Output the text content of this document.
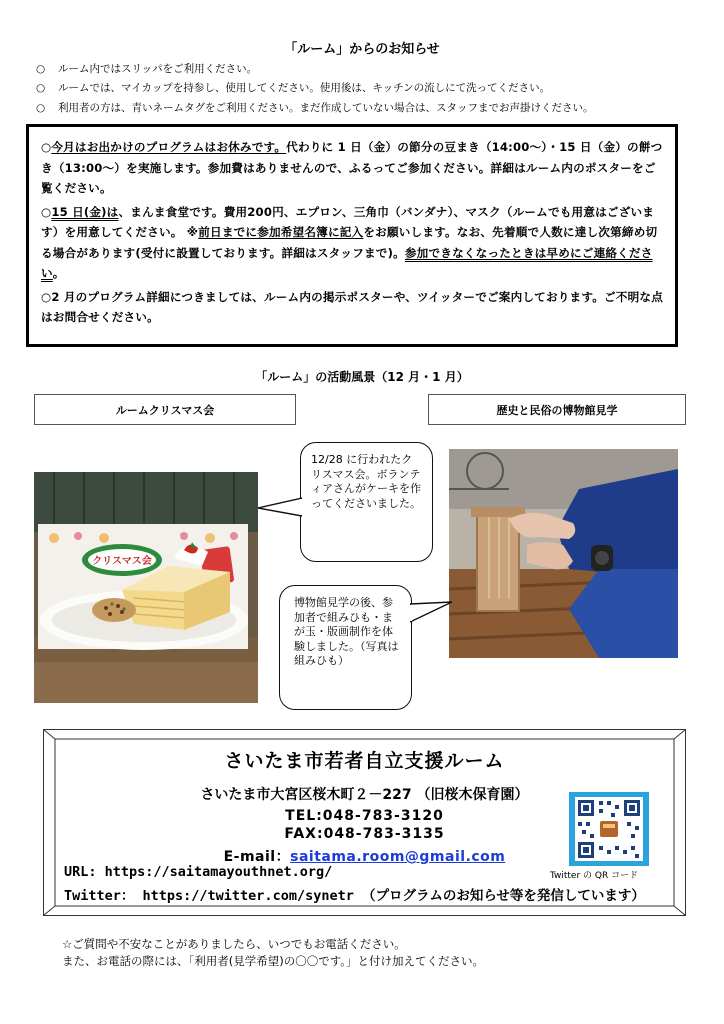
「ルーム」からのお知らせ
○ ルーム内ではスリッパをご利用ください。
○ ルームでは、マイカップを持参し、使用してください。使用後は、キッチンの流しにて洗ってください。
○ 利用者の方は、青いネームタグをご利用ください。まだ作成していない場合は、スタッフまでお声掛けください。

○今月はお出かけのプログラムはお休みです。代わりに 1 日（金）の節分の豆まき（14:00～）・15 日（金）の餅つき（13:00～）を実施します。参加費はありませんので、ふるってご参加ください。詳細はルーム内のポスターをご覧ください。

○15 日(金)は、まんま食堂です。費用200円、エプロン、三角巾（バンダナ）、マスク（ルームでも用意はございます）を用意してください。 ※前日までに参加希望名簿に記入をお願いします。なお、先着順で人数に達し次第締め切る場合があります(受付に設置しております。詳細はスタッフまで)。参加できなくなったときは早めにご連絡ください。

○2 月のプログラム詳細につきましては、ルーム内の掲示ポスターや、ツイッターでご案内しております。ご不明な点はお問合せください。

「ルーム」の活動風景（12 月・1 月）
ルームクリスマス会	歴史と民俗の博物館見学
クリスマス会
12/28 に行われたクリスマス会。ボランティアさんがケーキを作ってくださいました。
博物館見学の後、参加者で組みひも・まが玉・版画制作を体験しました。（写真は組みひも）
さいたま市若者自立支援ルーム
さいたま市大宮区桜木町２－227 （旧桜木保育園）
TEL:048-783-3120
FAX:048-783-3135
E-mail：saitama.room@gmail.com
URL: https://saitamayouthnet.org/
Twitter： https://twitter.com/synetr （プログラムのお知らせ等を発信しています）
Twitter の QR コード
☆ご質問や不安なことがありましたら、いつでもお電話ください。
また、お電話の際には、「利用者(見学希望)の〇〇です。」と付け加えてください。
